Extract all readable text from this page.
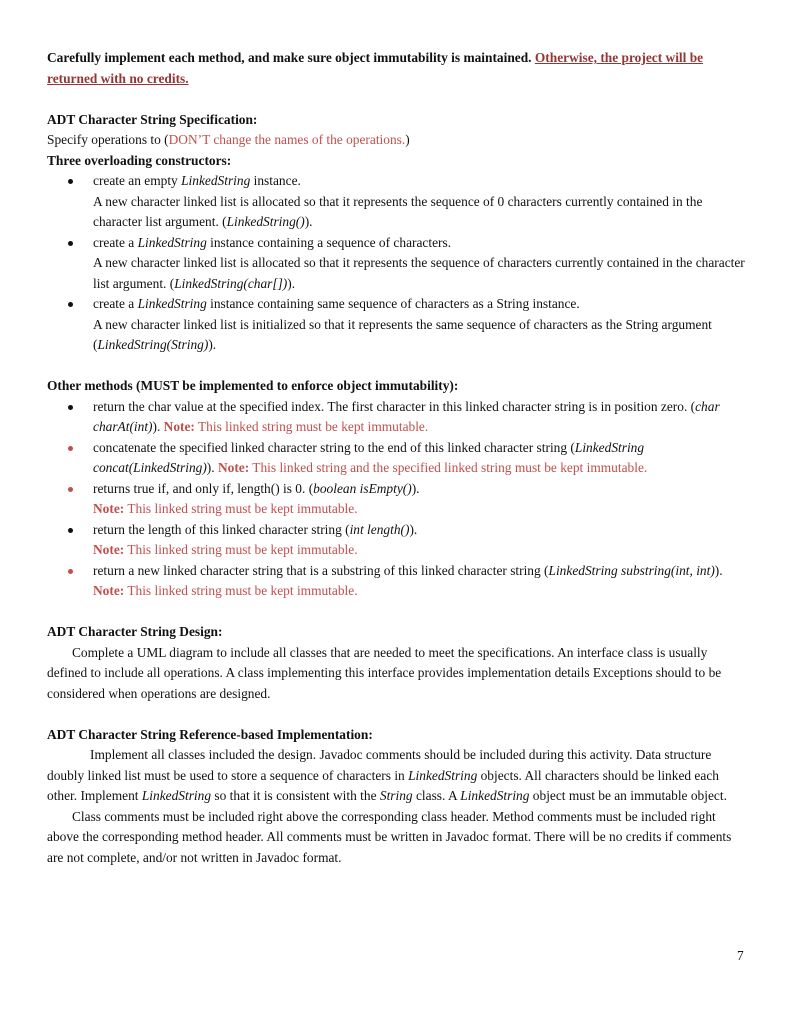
Carefully implement each method, and make sure object immutability is maintained. Otherwise, the project will be returned with no credits.

ADT Character String Specification:

Specify operations to (DON’T change the names of the operations.)

Three overloading constructors:

create an empty LinkedString instance.

A new character linked list is allocated so that it represents the sequence of 0 characters currently contained in the character list argument. (LinkedString()).

create a LinkedString instance containing a sequence of characters.

A new character linked list is allocated so that it represents the sequence of characters currently contained in the character list argument. (LinkedString(char[])).

create a LinkedString instance containing same sequence of characters as a String instance.

A new character linked list is initialized so that it represents the same sequence of characters as the String argument (LinkedString(String)).

Other methods (MUST be implemented to enforce object immutability):

return the char value at the specified index. The first character in this linked character string is in position zero. (char charAt(int)). Note: This linked string must be kept immutable.

concatenate the specified linked character string to the end of this linked character string (LinkedString concat(LinkedString)). Note: This linked string and the specified linked string must be kept immutable.

returns true if, and only if, length() is 0. (boolean isEmpty()).

Note: This linked string must be kept immutable.

return the length of this linked character string (int length()).

Note: This linked string must be kept immutable.

return a new linked character string that is a substring of this linked character string (LinkedString substring(int, int)). Note: This linked string must be kept immutable.

ADT Character String Design:

Complete a UML diagram to include all classes that are needed to meet the specifications. An interface class is usually defined to include all operations. A class implementing this interface provides implementation details Exceptions should to be considered when operations are designed.

ADT Character String Reference-based Implementation:

Implement all classes included the design. Javadoc comments should be included during this activity. Data structure doubly linked list must be used to store a sequence of characters in LinkedString objects. All characters should be linked each other. Implement LinkedString so that it is consistent with the String class. A LinkedString object must be an immutable object.

Class comments must be included right above the corresponding class header. Method comments must be included right above the corresponding method header. All comments must be written in Javadoc format. There will be no credits if comments are not complete, and/or not written in Javadoc format.

7
